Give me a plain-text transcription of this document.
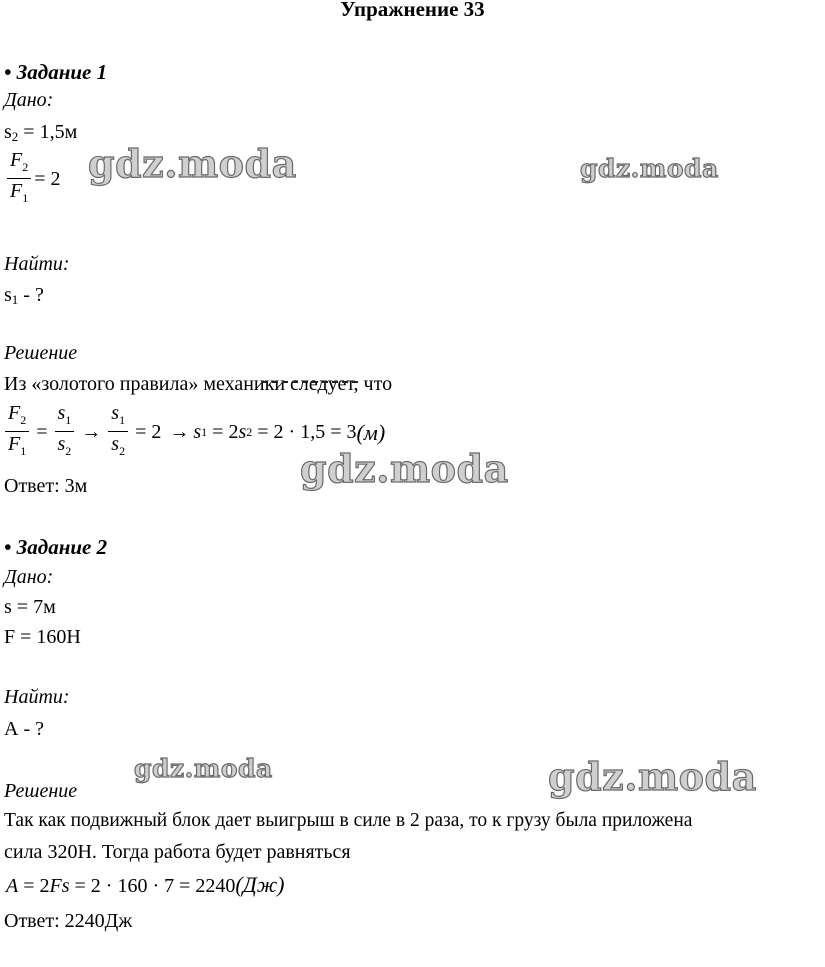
Упражнение 33
• Задание 1
Дано:
$s_2 = 1,5м$
$\frac{F_2}{F_1} = 2$
Найти:
$s_1$ - ?
Решение
Из «золотого правила» механики следует, что
$\frac{F_2}{F_1} = \frac{s_1}{s_2} \to \frac{s_1}{s_2} = 2 \to s$ 1 = 2 s 2 = 2 · 1,5 = 3 (м)
Ответ: 3м
• Задание 2
Дано:
s = 7м
F = 160Н
Найти:
А - ?
Решение
Так как подвижный блок дает выигрыш в силе в 2 раза, то к грузу была приложена
сила 320Н. Тогда работа будет равняться
A = 2Fs = 2 · 160 · 7 = 2240(Дж)
Ответ: 2240Дж
gdz.moda	gdz.moda
gdz.moda
gdz.moda	gdz.moda
